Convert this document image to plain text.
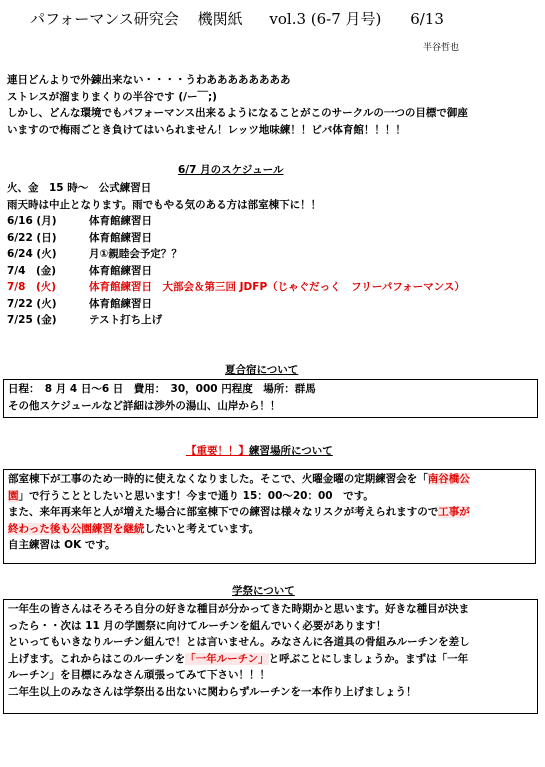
パフォーマンス研究会 機関紙 vol.3 (6-7 月号) 6/13
半谷哲也
連日どんよりで外錬出来ない・・・・うわああああああああ
ストレスが溜まりまくりの半谷です (/ー￣;)
しかし、どんな環境でもパフォーマンス出来るようになることがこのサークルの一つの目標で御座
いますので梅雨ごとき負けてはいられません！レッツ地味練！！ビバ体育館！！！！
6/7 月のスケジュール
火、金　15 時～　公式練習日
雨天時は中止となります。雨でもやる気のある方は部室棟下に！！
6/16 (月)	体育館練習日
6/22 (日)	体育館練習日
6/24 (火)	月①親睦会予定？？
7/4　(金)	体育館練習日
7/8　(火)	体育館練習日　大部会＆第三回 JDFP（じゃぐだっく　フリーパフォーマンス）
7/22 (火)	体育館練習日
7/25 (金)	テスト打ち上げ
夏合宿について
日程：　8 月 4 日～6 日　費用：　30，000 円程度　場所：群馬
その他スケジュールなど詳細は渉外の湯山、山岸から！！
【重要！！】練習場所について
部室棟下が工事のため一時的に使えなくなりました。そこで、火曜金曜の定期練習会を「南谷橋公
園」で行うこととしたいと思います！今まで通り 15：00～20：00　です。
また、来年再来年と人が増えた場合に部室棟下での練習は様々なリスクが考えられますので工事が
終わった後も公園練習を継続したいと考えています。
自主練習は OK です。
学祭について
一年生の皆さんはそろそろ自分の好きな種目が分かってきた時期かと思います。好きな種目が決ま
ったら・・次は 11 月の学園祭に向けてルーチンを組んでいく必要があります！
といってもいきなりルーチン組んで！とは言いません。みなさんに各道具の骨組みルーチンを差し
上げます。これからはこのルーチンを「一年ルーチン」と呼ぶことにしましょうか。まずは「一年
ルーチン」を目標にみなさん頑張ってみて下さい！！！
二年生以上のみなさんは学祭出る出ないに関わらずルーチンを一本作り上げましょう！
